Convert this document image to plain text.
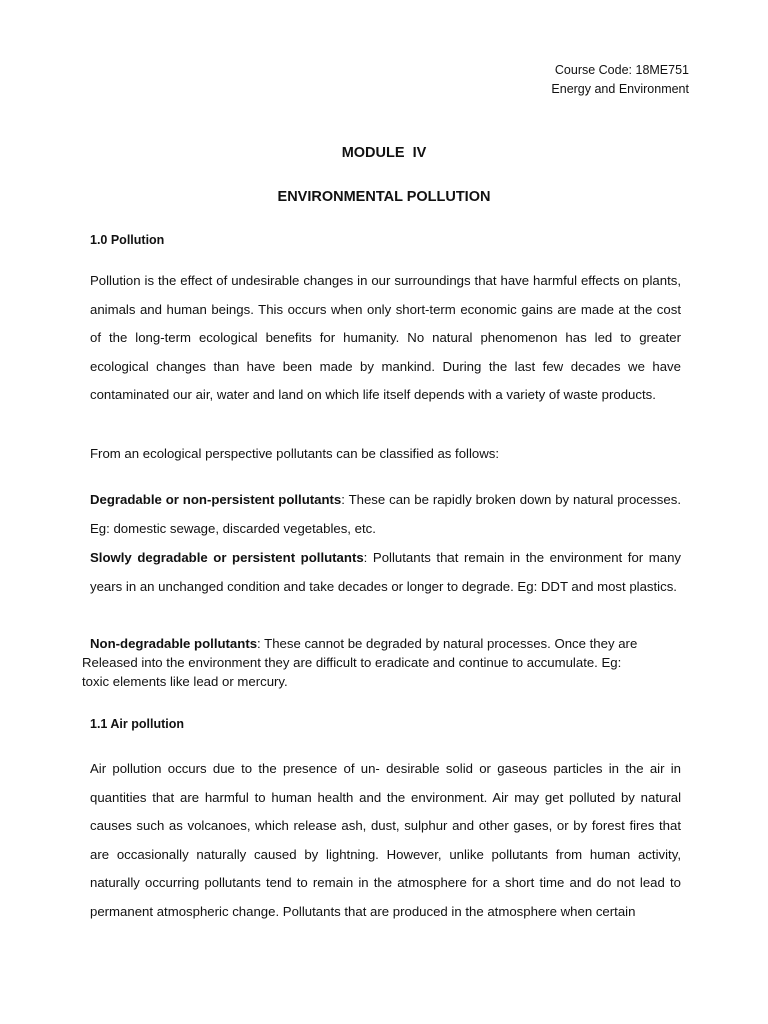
Course Code: 18ME751
Energy and Environment
MODULE  IV
ENVIRONMENTAL POLLUTION
1.0 Pollution

Pollution is the effect of undesirable changes in our surroundings that have harmful effects on plants, animals and human beings. This occurs when only short-term economic gains are made at the cost of the long-term ecological benefits for humanity. No natural phenomenon has led to greater ecological changes than have been made by mankind. During the last few decades we have contaminated our air, water and land on which life itself depends with a variety of waste products.

From an ecological perspective pollutants can be classified as follows:

Degradable or non-persistent pollutants: These can be rapidly broken down by natural processes. Eg: domestic sewage, discarded vegetables, etc.

Slowly degradable or persistent pollutants: Pollutants that remain in the environment for many years in an unchanged condition and take decades or longer to degrade. Eg: DDT and most plastics.

Non-degradable pollutants: These cannot be degraded by natural processes. Once they are
Released into the environment they are difficult to eradicate and continue to accumulate. Eg:
toxic elements like lead or mercury.
1.1 Air pollution

Air pollution occurs due to the presence of un- desirable solid or gaseous particles in the air in quantities that are harmful to human health and the environment. Air may get polluted by natural causes such as volcanoes, which release ash, dust, sulphur and other gases, or by forest fires that are occasionally naturally caused by lightning. However, unlike pollutants from human activity, naturally occurring pollutants tend to remain in the atmosphere for a short time and do not lead to permanent atmospheric change. Pollutants that are produced in the atmosphere when certain
